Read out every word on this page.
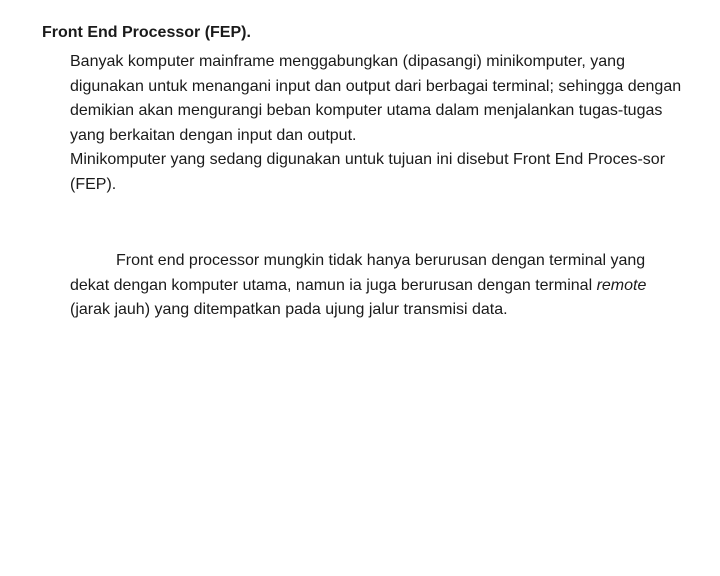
Front End Processor (FEP).

Banyak komputer mainframe menggabungkan (dipasangi) minikomputer, yang digunakan untuk menangani input dan output dari berbagai terminal; sehingga dengan demikian akan mengurangi beban komputer utama dalam menjalankan tugas-tugas yang berkaitan dengan input dan output.

Minikomputer yang sedang digunakan untuk tujuan ini disebut Front End Proces-sor (FEP).

Front end processor mungkin tidak hanya berurusan dengan terminal yang dekat dengan komputer utama, namun ia juga berurusan dengan terminal remote (jarak jauh) yang ditempatkan pada ujung jalur transmisi data.
